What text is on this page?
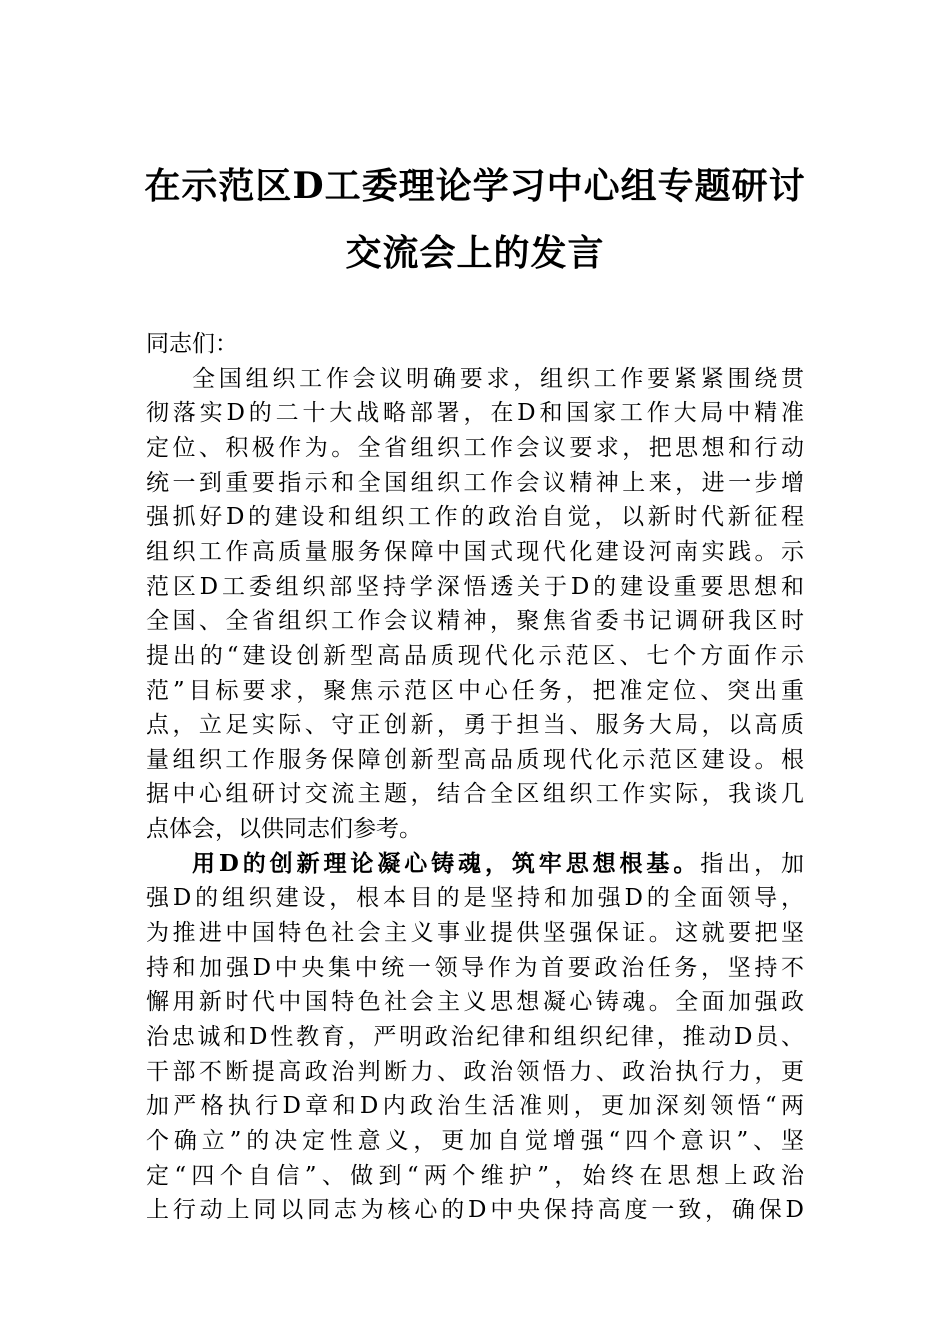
在示范区D工委理论学习中心组专题研讨
交流会上的发言
同志们：
全国组织工作会议明确要求，组织工作要紧紧围绕贯
彻落实D的二十大战略部署，在D和国家工作大局中精准
定位、积极作为。全省组织工作会议要求，把思想和行动
统一到重要指示和全国组织工作会议精神上来，进一步增
强抓好D的建设和组织工作的政治自觉，以新时代新征程
组织工作高质量服务保障中国式现代化建设河南实践。示
范区D工委组织部坚持学深悟透关于D的建设重要思想和
全国、全省组织工作会议精神，聚焦省委书记调研我区时
提出的“建设创新型高品质现代化示范区、七个方面作示
范”目标要求，聚焦示范区中心任务，把准定位、突出重
点，立足实际、守正创新，勇于担当、服务大局，以高质
量组织工作服务保障创新型高品质现代化示范区建设。根
据中心组研讨交流主题，结合全区组织工作实际，我谈几
点体会，以供同志们参考。
用D的创新理论凝心铸魂，筑牢思想根基。指出，加
强D的组织建设，根本目的是坚持和加强D的全面领导，
为推进中国特色社会主义事业提供坚强保证。这就要把坚
持和加强D中央集中统一领导作为首要政治任务，坚持不
懈用新时代中国特色社会主义思想凝心铸魂。全面加强政
治忠诚和D性教育，严明政治纪律和组织纪律，推动D员、
干部不断提高政治判断力、政治领悟力、政治执行力，更
加严格执行D章和D内政治生活准则，更加深刻领悟“两
个确立”的决定性意义，更加自觉增强“四个意识”、坚
定“四个自信”、做到“两个维护”，始终在思想上政治
上行动上同以同志为核心的D中央保持高度一致，确保D
